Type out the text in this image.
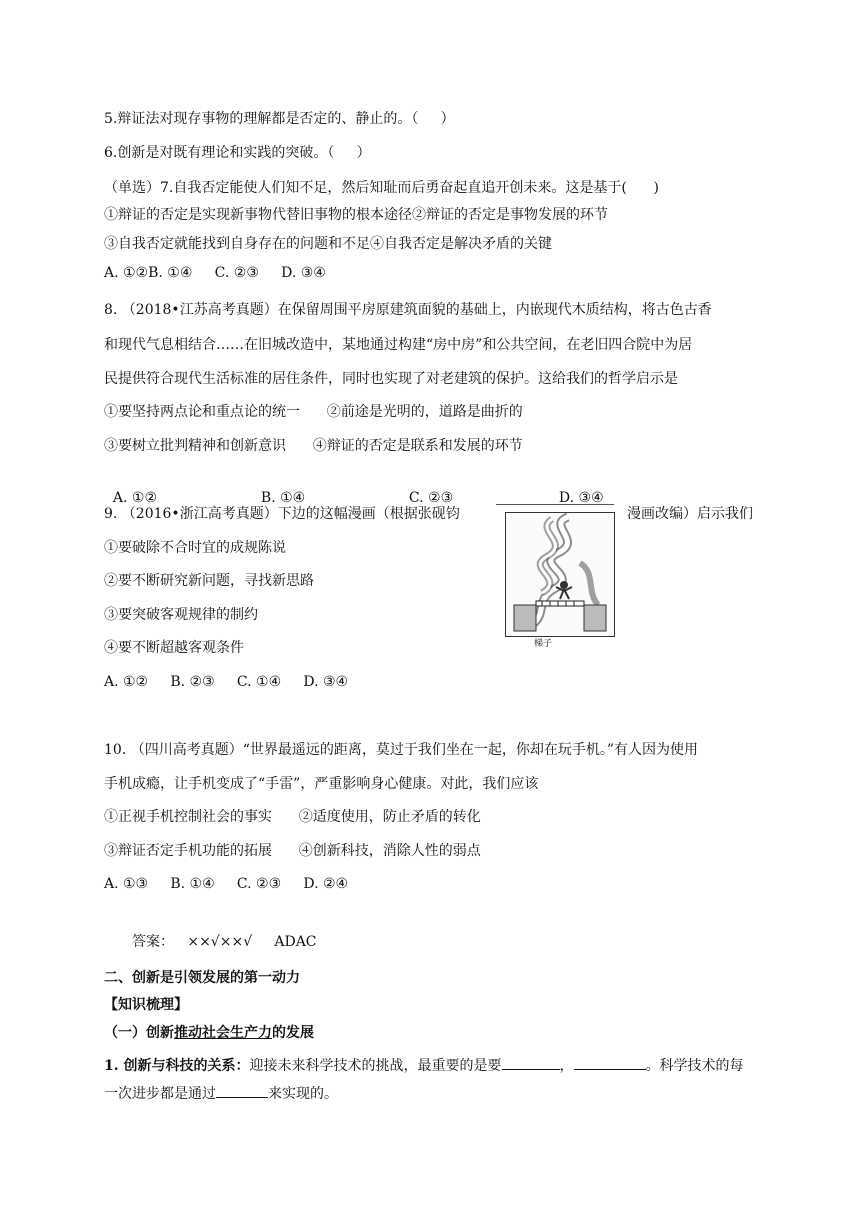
5.辩证法对现存事物的理解都是否定的、静止的。（     ）
6.创新是对既有理论和实践的突破。（     ）
（单选）7.自我否定能使人们知不足，然后知耻而后勇奋起直追开创未来。这是基于(      )
①辩证的否定是实现新事物代替旧事物的根本途径②辩证的否定是事物发展的环节
③自我否定就能找到自身存在的问题和不足④自我否定是解决矛盾的关键
A. ①②B. ①④     C. ②③     D. ③④
8. （2018•江苏高考真题）在保留周围平房原建筑面貌的基础上，内嵌现代木质结构，将古色古香
和现代气息相结合……在旧城改造中，某地通过构建“房中房”和公共空间，在老旧四合院中为居
民提供符合现代生活标准的居住条件，同时也实现了对老建筑的保护。这给我们的哲学启示是
①要坚持两点论和重点论的统一      ②前途是光明的，道路是曲折的
③要树立批判精神和创新意识      ④辩证的否定是联系和发展的环节

A. ①②	B. ①④	C. ②③	D. ③④

9. （2016•浙江高考真题）下边的这幅漫画（根据张砚钧	漫画改编）启示我们
梯子
①要破除不合时宜的成规陈说
②要不断研究新问题，寻找新思路
③要突破客观规律的制约
④要不断超越客观条件
A. ①②     B. ②③     C. ①④     D. ③④
10. （四川高考真题）“世界最遥远的距离，莫过于我们坐在一起，你却在玩手机。”有人因为使用
手机成瘾，让手机变成了“手雷”，严重影响身心健康。对此，我们应该
①正视手机控制社会的事实      ②适度使用，防止矛盾的转化
③辩证否定手机功能的拓展      ④创新科技，消除人性的弱点
A. ①③     B. ①④     C. ②③     D. ②④
答案：   ××√××√     ADAC
二、创新是引领发展的第一动力
【知识梳理】
（一）创新推动社会生产力的发展
1. 创新与科技的关系：迎接未来科学技术的挑战，最重要的是要	，	。科学技术的每
一次进步都是通过	来实现的。
